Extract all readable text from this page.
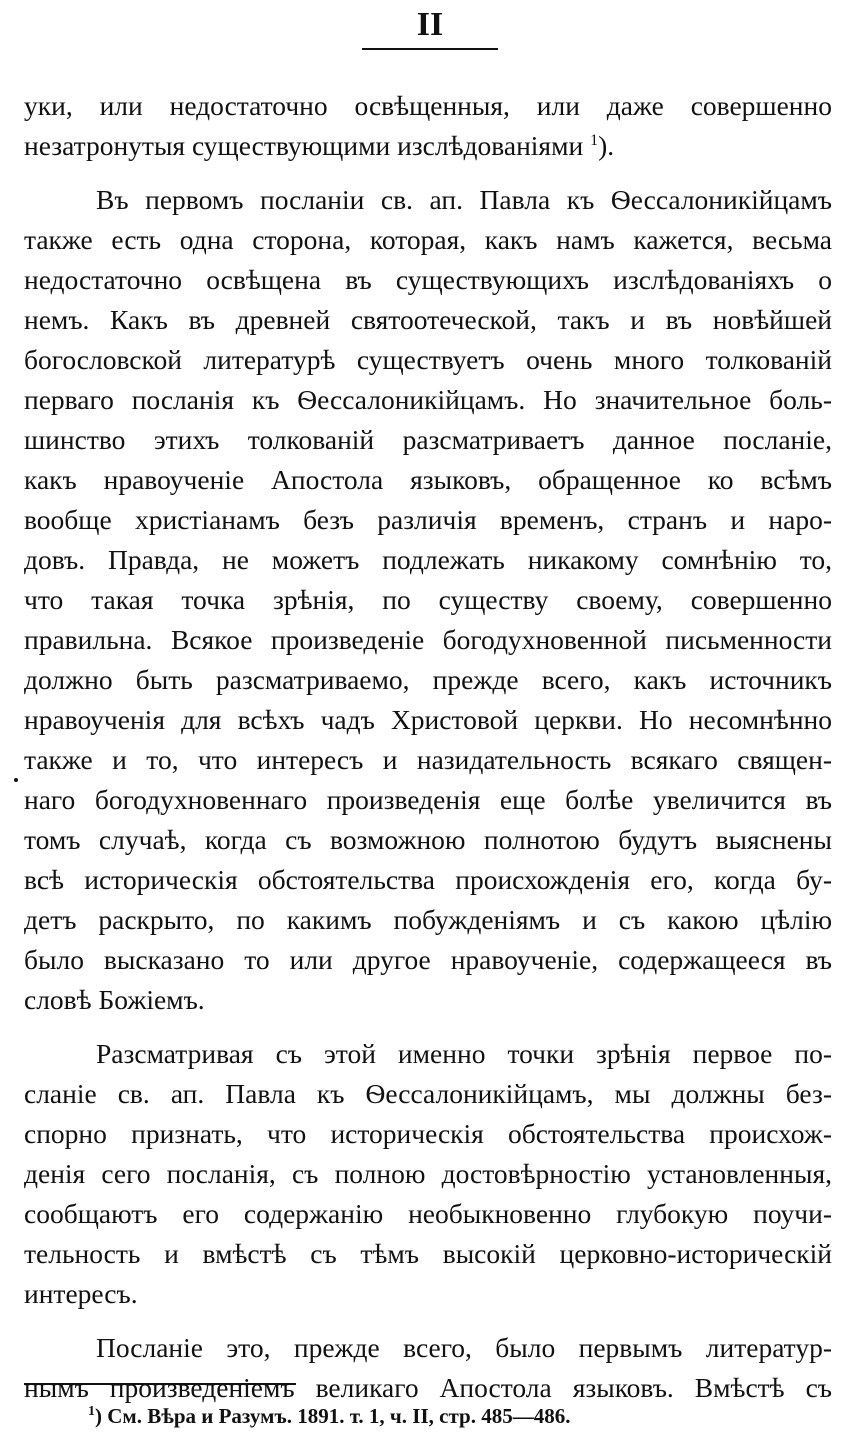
II
уки, или недостаточно освѣщенныя, или даже совершенно
незатронутыя существующими изслѣдованiями $^1$).
Въ первомъ посланiи св. ап. Павла къ Ѳессалоникiйцамъ
также есть одна сторона, которая, какъ намъ кажется, весьма
недостаточно освѣщена въ существующихъ изслѣдованiяхъ о
немъ. Какъ въ древней святоотеческой, такъ и въ новѣйшей
богословской литературѣ существуетъ очень много толкованiй
перваго посланiя къ Ѳессалоникiйцамъ. Но значительное боль-
шинство этихъ толкованiй разсматриваетъ данное посланiе,
какъ нравоученiе Апостола языковъ, обращенное ко всѣмъ
вообще христiанамъ безъ различiя временъ, странъ и наро-
довъ. Правда, не можетъ подлежать никакому сомнѣнiю то,
что такая точка зрѣнiя, по существу своему, совершенно
правильна. Всякое произведенiе богодухновенной письменности
должно быть разсматриваемо, прежде всего, какъ источникъ
нравоученiя для всѣхъ чадъ Христовой церкви. Но несомнѣнно
также и то, что интересъ и назидательность всякаго священ-
наго богодухновеннаго произведенiя еще болѣе увеличится въ
томъ случаѣ, когда съ возможною полнотою будутъ выяснены
всѣ историческiя обстоятельства происхожденiя его, когда бу-
детъ раскрыто, по какимъ побужденiямъ и съ какою цѣлiю
было высказано то или другое нравоученiе, содержащееся въ
словѣ Божiемъ.
Разсматривая съ этой именно точки зрѣнiя первое по-
сланiе св. ап. Павла къ Ѳессалоникiйцамъ, мы должны без-
спорно признать, что историческiя обстоятельства происхож-
денiя сего посланiя, съ полною достовѣрностiю установленныя,
сообщаютъ его содержанiю необыкновенно глубокую поучи-
тельность и вмѣстѣ съ тѣмъ высокiй церковно-историческiй
интересъ.
Посланiе это, прежде всего, было первымъ литератур-
нымъ произведенiемъ великаго Апостола языковъ. Вмѣстѣ съ
$^1$) См. Вѣра и Разумъ. 1891. т. 1, ч. II, стр. 485—486.
